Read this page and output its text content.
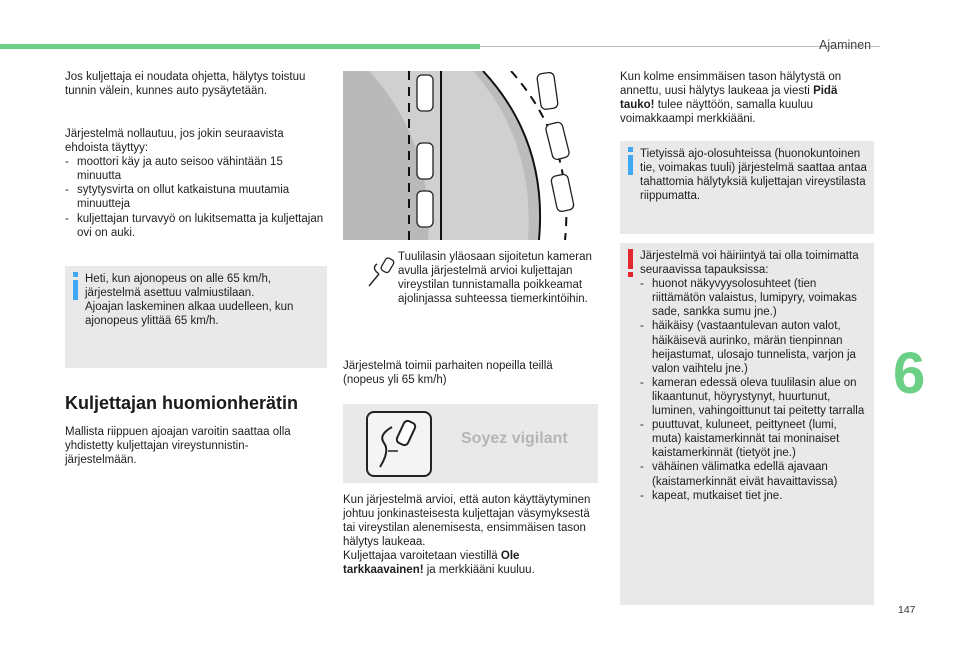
Ajaminen
6
147

Jos kuljettaja ei noudata ohjetta, hälytys toistuu tunnin välein, kunnes auto pysäytetään.

Järjestelmä nollautuu, jos jokin seuraavista ehdoista täyttyy:

- moottori käy ja auto seisoo vähintään 15 minuutta
- sytytysvirta on ollut katkaistuna muutamia minuutteja
- kuljettajan turvavyö on lukitsematta ja kuljettajan ovi on auki.

Heti, kun ajonopeus on alle 65 km/h, järjestelmä asettuu valmiustilaan.

Ajoajan laskeminen alkaa uudelleen, kun ajonopeus ylittää 65 km/h.

Kuljettajan huomionherätin

Mallista riippuen ajoajan varoitin saattaa olla yhdistetty kuljettajan vireystunnistin-järjestelmään.

Tuulilasin yläosaan sijoitetun kameran avulla järjestelmä arvioi kuljettajan vireystilan tunnistamalla poikkeamat ajolinjassa suhteessa tiemerkintöihin.

Järjestelmä toimii parhaiten nopeilla teillä (nopeus yli 65 km/h)

Soyez vigilant

Kun järjestelmä arvioi, että auton käyttäytyminen johtuu jonkinasteisesta kuljettajan väsymyksestä tai vireystilan alenemisesta, ensimmäisen tason hälytys laukeaa.

Kuljettajaa varoitetaan viestillä Ole tarkkaavainen! ja merkkiääni kuuluu.

Kun kolme ensimmäisen tason hälytystä on annettu, uusi hälytys laukeaa ja viesti Pidä tauko! tulee näyttöön, samalla kuuluu voimakkaampi merkkiääni.

Tietyissä ajo-olosuhteissa (huonokuntoinen tie, voimakas tuuli) järjestelmä saattaa antaa tahattomia hälytyksiä kuljettajan vireystilasta riippumatta.

Järjestelmä voi häiriintyä tai olla toimimatta seuraavissa tapauksissa:

- huonot näkyvyysolosuhteet (tien riittämätön valaistus, lumipyry, voimakas sade, sankka sumu jne.)
- häikäisy (vastaantulevan auton valot, häikäisevä aurinko, märän tienpinnan heijastumat, ulosajo tunnelista, varjon ja valon vaihtelu jne.)
- kameran edessä oleva tuulilasin alue on likaantunut, höyrystynyt, huurtunut, luminen, vahingoittunut tai peitetty tarralla
- puuttuvat, kuluneet, peittyneet (lumi, muta) kaistamerkinnät tai moninaiset kaistamerkinnät (tietyöt jne.)
- vähäinen välimatka edellä ajavaan (kaistamerkinnät eivät havaittavissa)
- kapeat, mutkaiset tiet jne.
